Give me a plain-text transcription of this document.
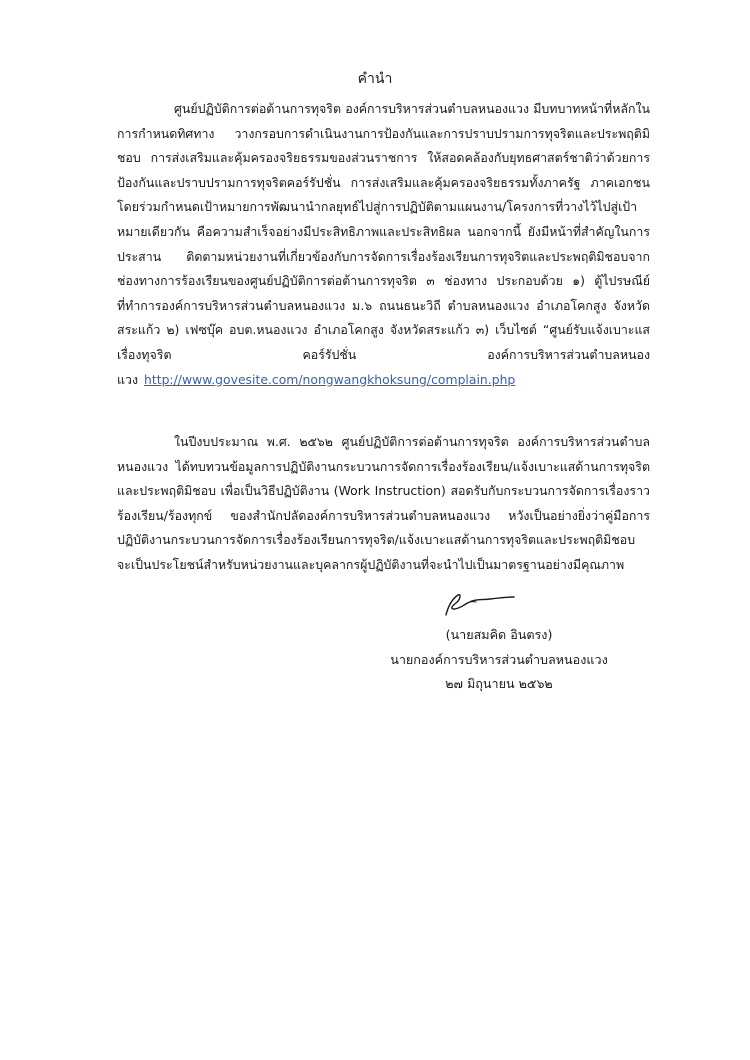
คำนำ

ศูนย์ปฏิบัติการต่อต้านการทุจริต องค์การบริหารส่วนตำบลหนองแวง มีบทบาทหน้าที่หลักในการกำหนดทิศทาง วางกรอบการดำเนินงานการป้องกันและการปราบปรามการทุจริตและประพฤติมิชอบ การส่งเสริมและคุ้มครองจริยธรรมของส่วนราชการ ให้สอดคล้องกับยุทธศาสตร์ชาติว่าด้วยการป้องกันและปราบปรามการทุจริตคอร์รัปชั่น การส่งเสริมและคุ้มครองจริยธรรมทั้งภาครัฐ ภาคเอกชน โดยร่วมกำหนดเป้าหมายการพัฒนานำกลยุทธ์ไปสู่การปฏิบัติตามแผนงาน/โครงการที่วางไว้ไปสู่เป้าหมายเดียวกัน คือความสำเร็จอย่างมีประสิทธิภาพและประสิทธิผล นอกจากนี้ ยังมีหน้าที่สำคัญในการประสาน ติดตามหน่วยงานที่เกี่ยวข้องกับการจัดการเรื่องร้องเรียนการทุจริตและประพฤติมิชอบจากช่องทางการร้องเรียนของศูนย์ปฏิบัติการต่อต้านการทุจริต ๓ ช่องทาง ประกอบด้วย ๑) ตู้ไปรษณีย์ ที่ทำการองค์การบริหารส่วนตำบลหนองแวง ม.๖ ถนนธนะวิถี ตำบลหนองแวง อำเภอโคกสูง จังหวัดสระแก้ว ๒) เฟซบุ๊ค อบต.หนองแวง อำเภอโคกสูง จังหวัดสระแก้ว ๓) เว็บไซต์ “ศูนย์รับแจ้งเบาะแส เรื่องทุจริต คอร์รัปชั่น องค์การบริหารส่วนตำบลหนองแวง http://www.govesite.com/nongwangkhoksung/complain.php

ในปีงบประมาณ พ.ศ. ๒๕๖๒ ศูนย์ปฏิบัติการต่อต้านการทุจริต องค์การบริหารส่วนตำบลหนองแวง ได้ทบทวนข้อมูลการปฏิบัติงานกระบวนการจัดการเรื่องร้องเรียน/แจ้งเบาะแสด้านการทุจริตและประพฤติมิชอบ เพื่อเป็นวิธีปฏิบัติงาน (Work Instruction) สอดรับกับกระบวนการจัดการเรื่องราวร้องเรียน/ร้องทุกข์ ของสำนักปลัดองค์การบริหารส่วนตำบลหนองแวง หวังเป็นอย่างยิ่งว่าคู่มือการปฏิบัติงานกระบวนการจัดการเรื่องร้องเรียนการทุจริต/แจ้งเบาะแสด้านการทุจริตและประพฤติมิชอบ จะเป็นประโยชน์สำหรับหน่วยงานและบุคลากรผู้ปฏิบัติงานที่จะนำไปเป็นมาตรฐานอย่างมีคุณภาพ

(นายสมคิด อินตรง)
นายกองค์การบริหารส่วนตำบลหนองแวง
๒๗ มิถุนายน ๒๕๖๒
